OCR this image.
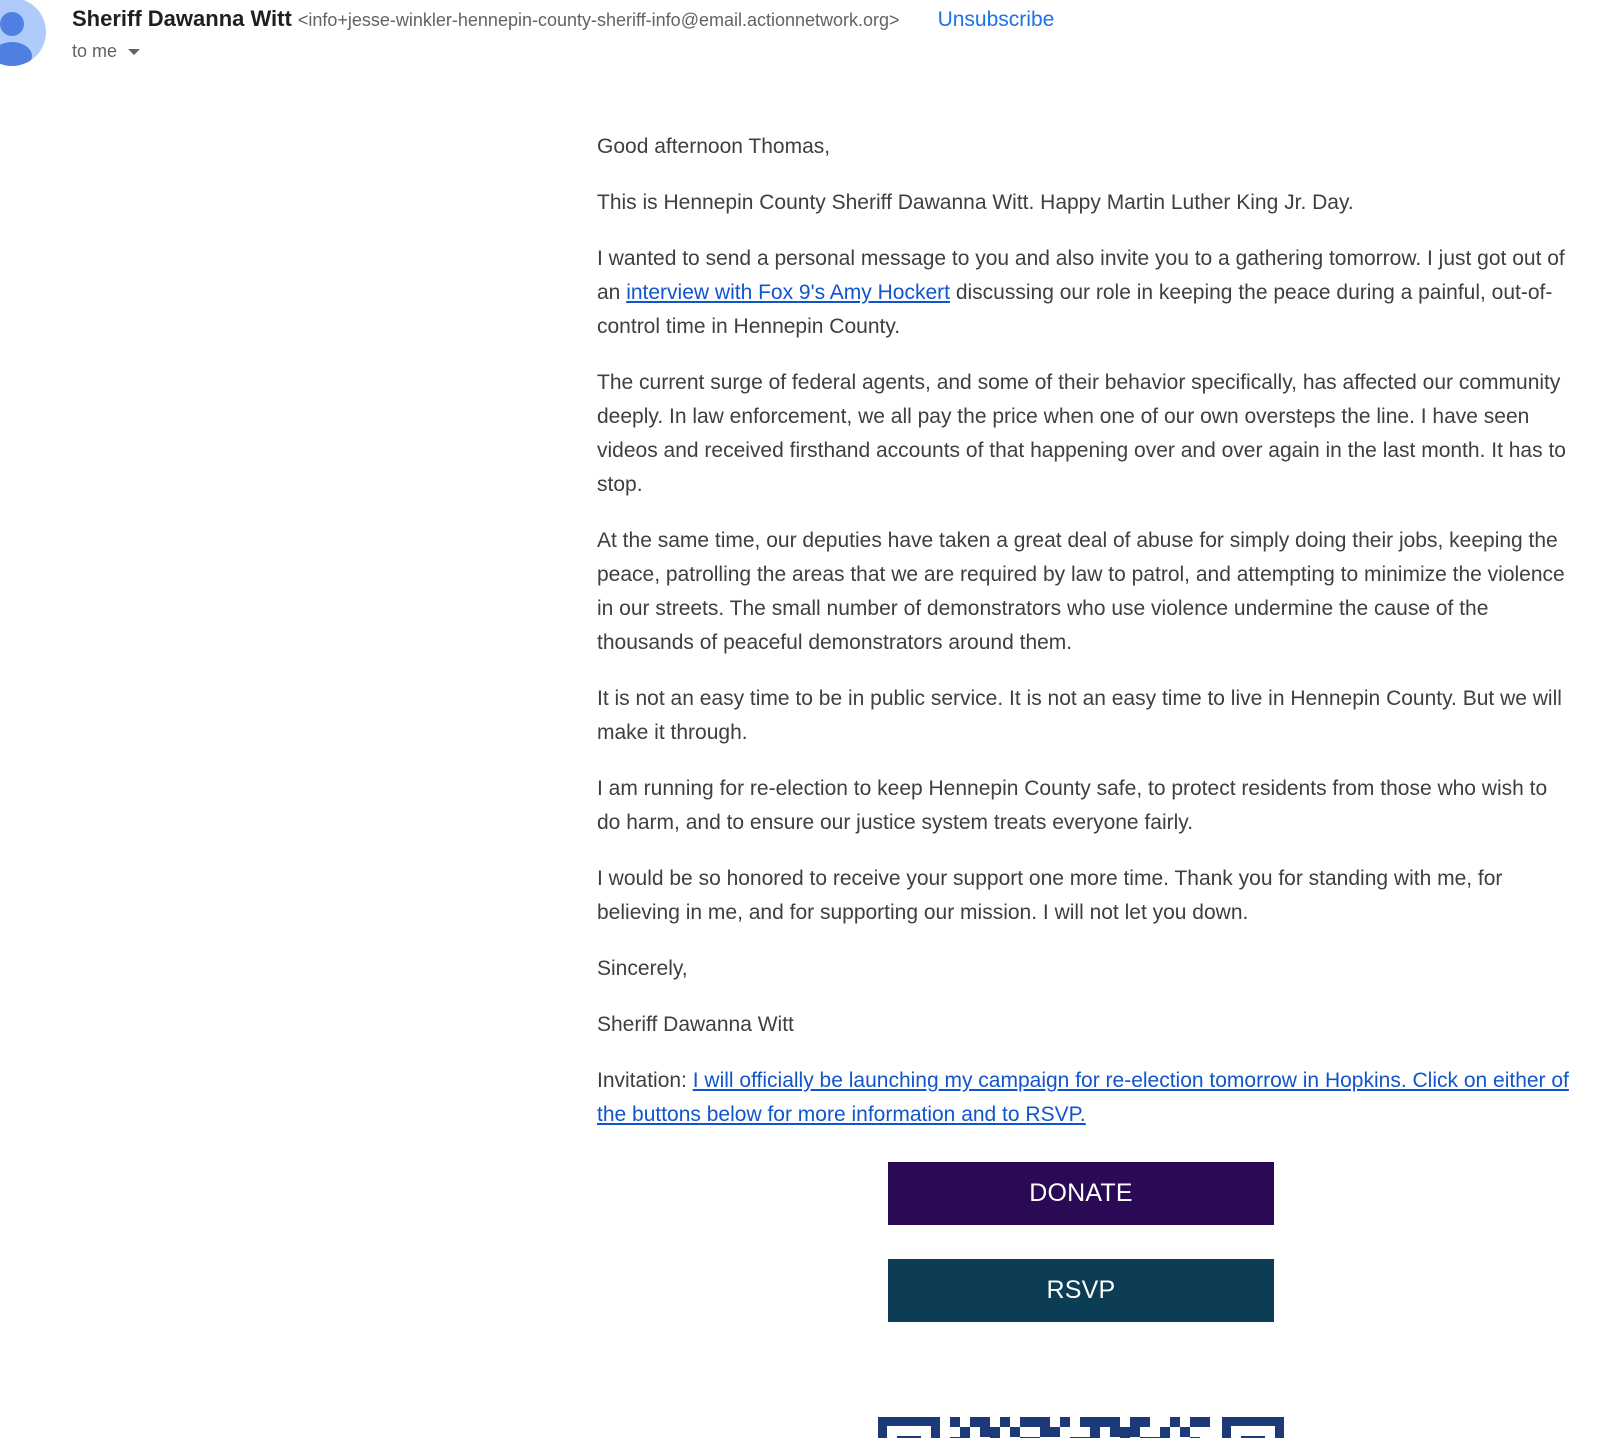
Sheriff Dawanna Witt <info+jesse-winkler-hennepin-county-sheriff-info@email.actionnetwork.org> Unsubscribe
to me

Good afternoon Thomas,

This is Hennepin County Sheriff Dawanna Witt. Happy Martin Luther King Jr. Day.

I wanted to send a personal message to you and also invite you to a gathering tomorrow. I just got out of an interview with Fox 9's Amy Hockert discussing our role in keeping the peace during a painful, out-of-control time in Hennepin County.

The current surge of federal agents, and some of their behavior specifically, has affected our community deeply. In law enforcement, we all pay the price when one of our own oversteps the line. I have seen videos and received firsthand accounts of that happening over and over again in the last month. It has to stop.

At the same time, our deputies have taken a great deal of abuse for simply doing their jobs, keeping the peace, patrolling the areas that we are required by law to patrol, and attempting to minimize the violence in our streets. The small number of demonstrators who use violence undermine the cause of the thousands of peaceful demonstrators around them.

It is not an easy time to be in public service. It is not an easy time to live in Hennepin County. But we will make it through.

I am running for re-election to keep Hennepin County safe, to protect residents from those who wish to do harm, and to ensure our justice system treats everyone fairly.

I would be so honored to receive your support one more time. Thank you for standing with me, for believing in me, and for supporting our mission. I will not let you down.

Sincerely,

Sheriff Dawanna Witt

Invitation: I will officially be launching my campaign for re-election tomorrow in Hopkins. Click on either of the buttons below for more information and to RSVP.

DONATE
RSVP
